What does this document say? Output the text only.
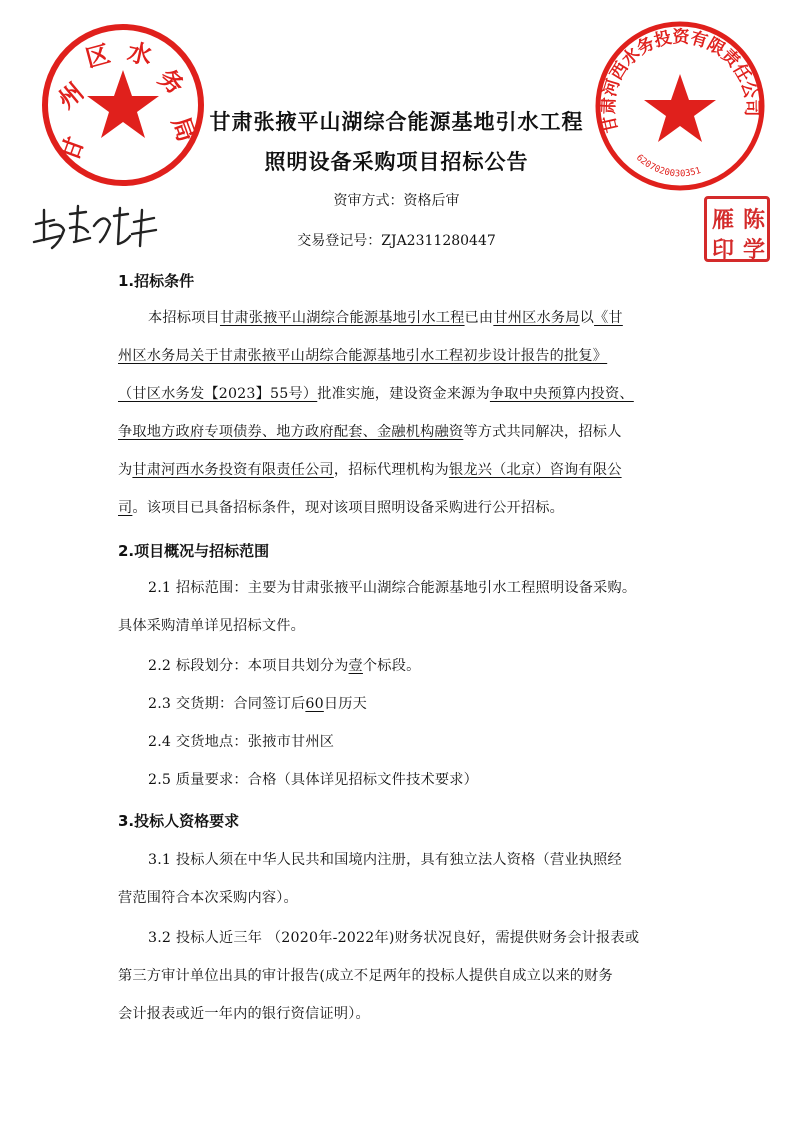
甘
州
区 水
务
局	甘肃河西水务投资有限责任公司
6207020030351
陈
雁
印 学
甘肃张掖平山湖综合能源基地引水工程
照明设备采购项目招标公告
资审方式：资格后审
交易登记号：ZJA2311280447
1.招标条件
本招标项目甘肃张掖平山湖综合能源基地引水工程已由甘州区水务局以《甘
州区水务局关于甘肃张掖平山胡综合能源基地引水工程初步设计报告的批复》
（甘区水务发【2023】55号）批准实施，建设资金来源为争取中央预算内投资、
争取地方政府专项债券、地方政府配套、金融机构融资等方式共同解决，招标人
为甘肃河西水务投资有限责任公司，招标代理机构为银龙兴（北京）咨询有限公
司。该项目已具备招标条件，现对该项目照明设备采购进行公开招标。
2.项目概况与招标范围
2.1 招标范围：主要为甘肃张掖平山湖综合能源基地引水工程照明设备采购。
具体采购清单详见招标文件。
2.2 标段划分：本项目共划分为壹个标段。
2.3 交货期：合同签订后60日历天
2.4 交货地点：张掖市甘州区
2.5 质量要求：合格（具体详见招标文件技术要求）
3.投标人资格要求
3.1 投标人须在中华人民共和国境内注册，具有独立法人资格（营业执照经
营范围符合本次采购内容）。
3.2 投标人近三年 （2020年-2022年)财务状况良好，需提供财务会计报表或
第三方审计单位出具的审计报告(成立不足两年的投标人提供自成立以来的财务
会计报表或近一年内的银行资信证明）。
